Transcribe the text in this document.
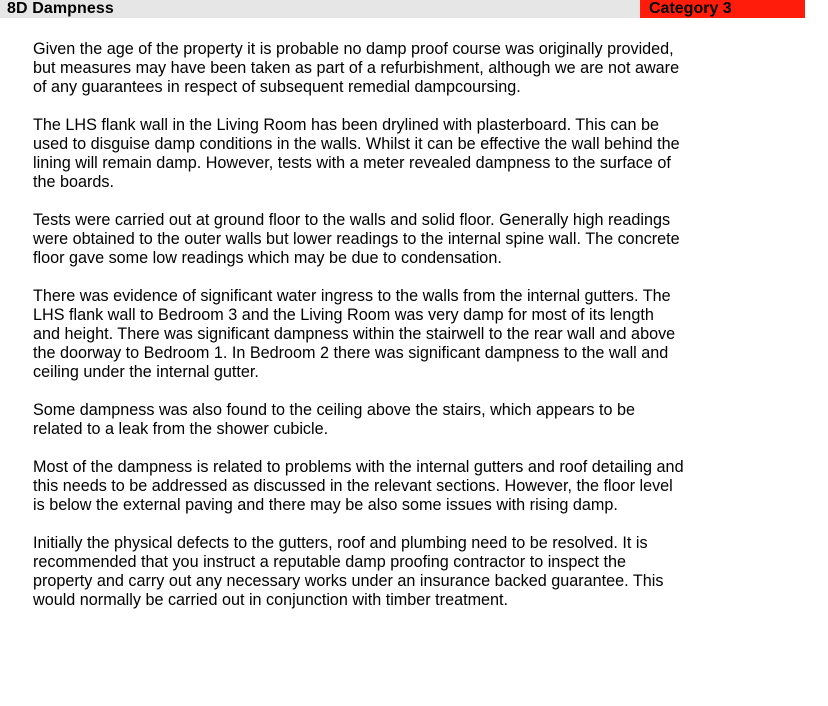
8D Dampness	Category 3

Given the age of the property it is probable no damp proof course was originally provided,
but measures may have been taken as part of a refurbishment, although we are not aware
of any guarantees in respect of subsequent remedial dampcoursing.

The LHS flank wall in the Living Room has been drylined with plasterboard. This can be
used to disguise damp conditions in the walls. Whilst it can be effective the wall behind the
lining will remain damp. However, tests with a meter revealed dampness to the surface of
the boards.

Tests were carried out at ground floor to the walls and solid floor. Generally high readings
were obtained to the outer walls but lower readings to the internal spine wall. The concrete
floor gave some low readings which may be due to condensation.

There was evidence of significant water ingress to the walls from the internal gutters. The
LHS flank wall to Bedroom 3 and the Living Room was very damp for most of its length
and height. There was significant dampness within the stairwell to the rear wall and above
the doorway to Bedroom 1. In Bedroom 2 there was significant dampness to the wall and
ceiling under the internal gutter.

Some dampness was also found to the ceiling above the stairs, which appears to be
related to a leak from the shower cubicle.

Most of the dampness is related to problems with the internal gutters and roof detailing and
this needs to be addressed as discussed in the relevant sections. However, the floor level
is below the external paving and there may be also some issues with rising damp.

Initially the physical defects to the gutters, roof and plumbing need to be resolved. It is
recommended that you instruct a reputable damp proofing contractor to inspect the
property and carry out any necessary works under an insurance backed guarantee. This
would normally be carried out in conjunction with timber treatment.
